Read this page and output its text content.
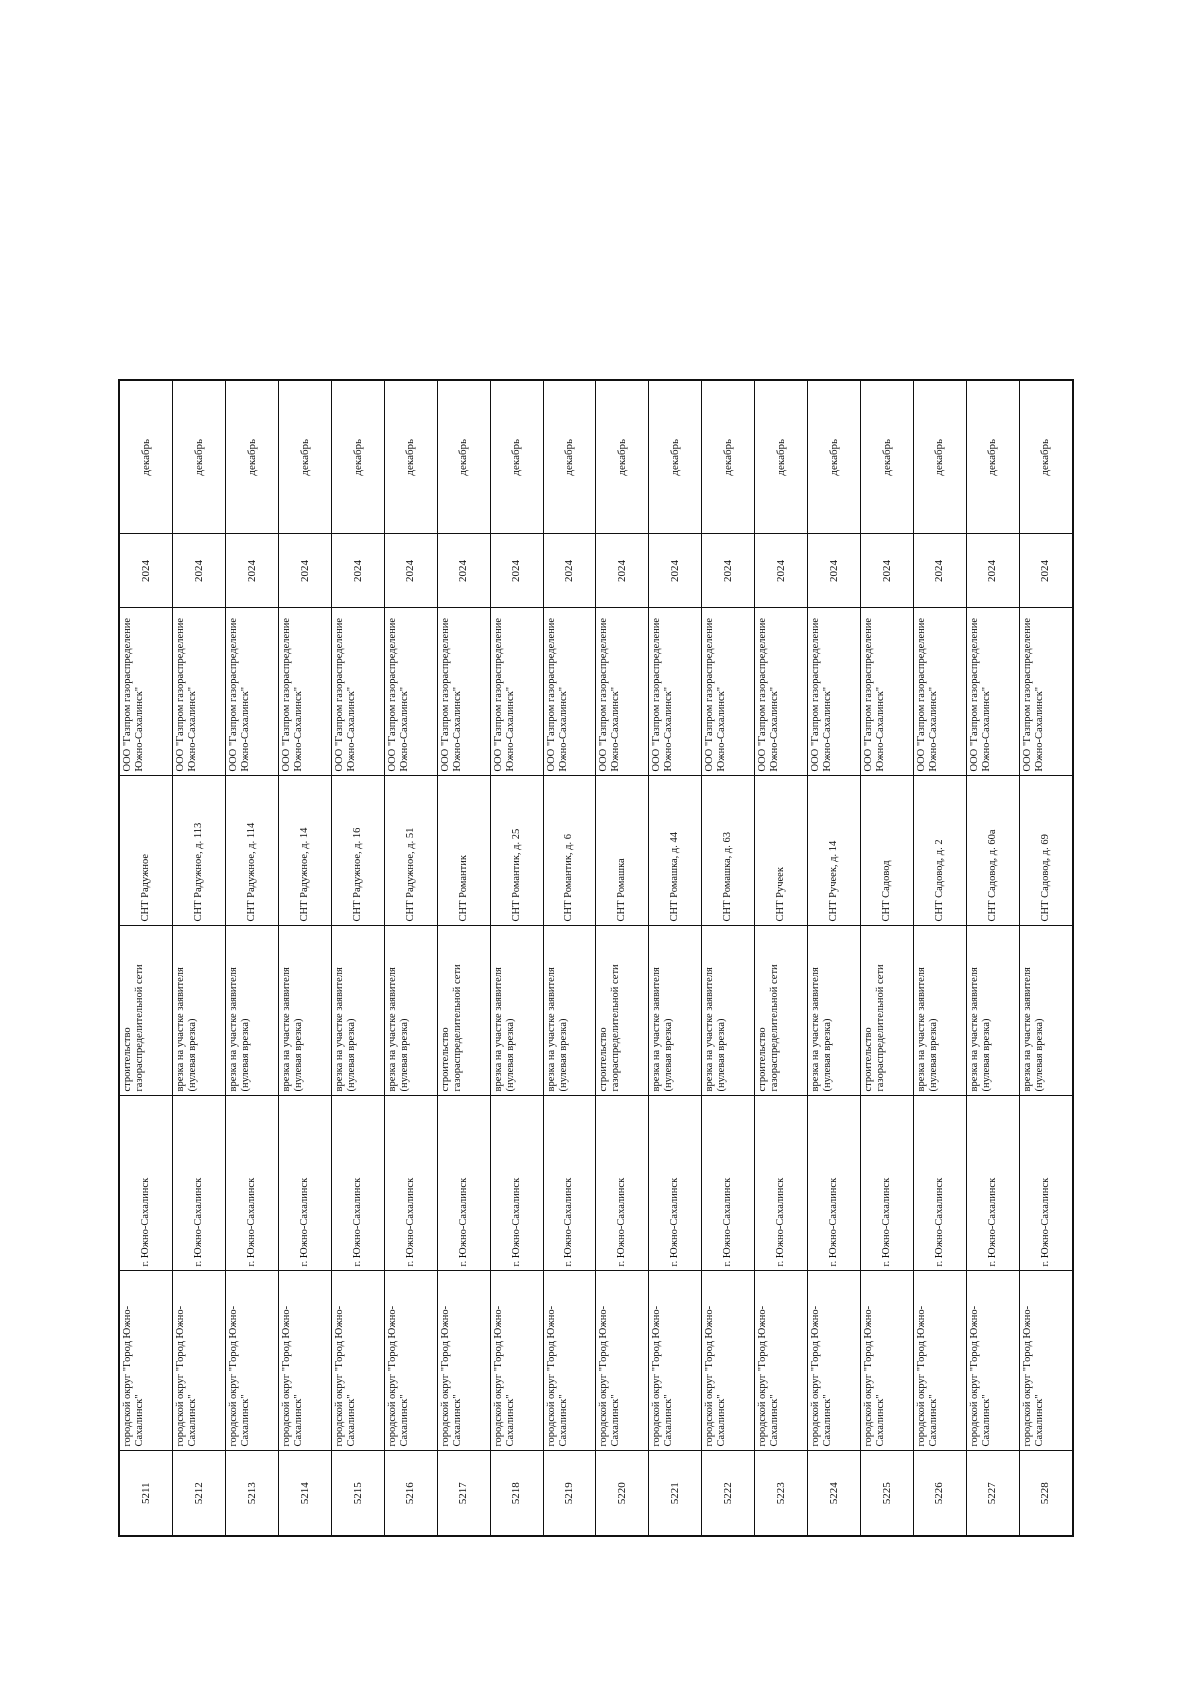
5211	городской округ "Город Южно-Сахалинск"	г. Южно-Сахалинск	строительство газораспределительной сети	СНТ Радужное	ООО "Газпром газораспределение Южно-Сахалинск"	2024	декабрь
5212	городской округ "Город Южно-Сахалинск"	г. Южно-Сахалинск	врезка на участке заявителя (нулевая врезка)	СНТ Радужное, д. 113	ООО "Газпром газораспределение Южно-Сахалинск"	2024	декабрь
5213	городской округ "Город Южно-Сахалинск"	г. Южно-Сахалинск	врезка на участке заявителя (нулевая врезка)	СНТ Радужное, д. 114	ООО "Газпром газораспределение Южно-Сахалинск"	2024	декабрь
5214	городской округ "Город Южно-Сахалинск"	г. Южно-Сахалинск	врезка на участке заявителя (нулевая врезка)	СНТ Радужное, д. 14	ООО "Газпром газораспределение Южно-Сахалинск"	2024	декабрь
5215	городской округ "Город Южно-Сахалинск"	г. Южно-Сахалинск	врезка на участке заявителя (нулевая врезка)	СНТ Радужное, д. 16	ООО "Газпром газораспределение Южно-Сахалинск"	2024	декабрь
5216	городской округ "Город Южно-Сахалинск"	г. Южно-Сахалинск	врезка на участке заявителя (нулевая врезка)	СНТ Радужное, д. 51	ООО "Газпром газораспределение Южно-Сахалинск"	2024	декабрь
5217	городской округ "Город Южно-Сахалинск"	г. Южно-Сахалинск	строительство газораспределительной сети	СНТ Романтик	ООО "Газпром газораспределение Южно-Сахалинск"	2024	декабрь
5218	городской округ "Город Южно-Сахалинск"	г. Южно-Сахалинск	врезка на участке заявителя (нулевая врезка)	СНТ Романтик, д. 25	ООО "Газпром газораспределение Южно-Сахалинск"	2024	декабрь
5219	городской округ "Город Южно-Сахалинск"	г. Южно-Сахалинск	врезка на участке заявителя (нулевая врезка)	СНТ Романтик, д. 6	ООО "Газпром газораспределение Южно-Сахалинск"	2024	декабрь
5220	городской округ "Город Южно-Сахалинск"	г. Южно-Сахалинск	строительство газораспределительной сети	СНТ Ромашка	ООО "Газпром газораспределение Южно-Сахалинск"	2024	декабрь
5221	городской округ "Город Южно-Сахалинск"	г. Южно-Сахалинск	врезка на участке заявителя (нулевая врезка)	СНТ Ромашка, д. 44	ООО "Газпром газораспределение Южно-Сахалинск"	2024	декабрь
5222	городской округ "Город Южно-Сахалинск"	г. Южно-Сахалинск	врезка на участке заявителя (нулевая врезка)	СНТ Ромашка, д. 63	ООО "Газпром газораспределение Южно-Сахалинск"	2024	декабрь
5223	городской округ "Город Южно-Сахалинск"	г. Южно-Сахалинск	строительство газораспределительной сети	СНТ Ручеек	ООО "Газпром газораспределение Южно-Сахалинск"	2024	декабрь
5224	городской округ "Город Южно-Сахалинск"	г. Южно-Сахалинск	врезка на участке заявителя (нулевая врезка)	СНТ Ручеек, д. 14	ООО "Газпром газораспределение Южно-Сахалинск"	2024	декабрь
5225	городской округ "Город Южно-Сахалинск"	г. Южно-Сахалинск	строительство газораспределительной сети	СНТ Садовод	ООО "Газпром газораспределение Южно-Сахалинск"	2024	декабрь
5226	городской округ "Город Южно-Сахалинск"	г. Южно-Сахалинск	врезка на участке заявителя (нулевая врезка)	СНТ Садовод, д. 2	ООО "Газпром газораспределение Южно-Сахалинск"	2024	декабрь
5227	городской округ "Город Южно-Сахалинск"	г. Южно-Сахалинск	врезка на участке заявителя (нулевая врезка)	СНТ Садовод, д. 60а	ООО "Газпром газораспределение Южно-Сахалинск"	2024	декабрь
5228	городской округ "Город Южно-Сахалинск"	г. Южно-Сахалинск	врезка на участке заявителя (нулевая врезка)	СНТ Садовод, д. 69	ООО "Газпром газораспределение Южно-Сахалинск"	2024	декабрь
